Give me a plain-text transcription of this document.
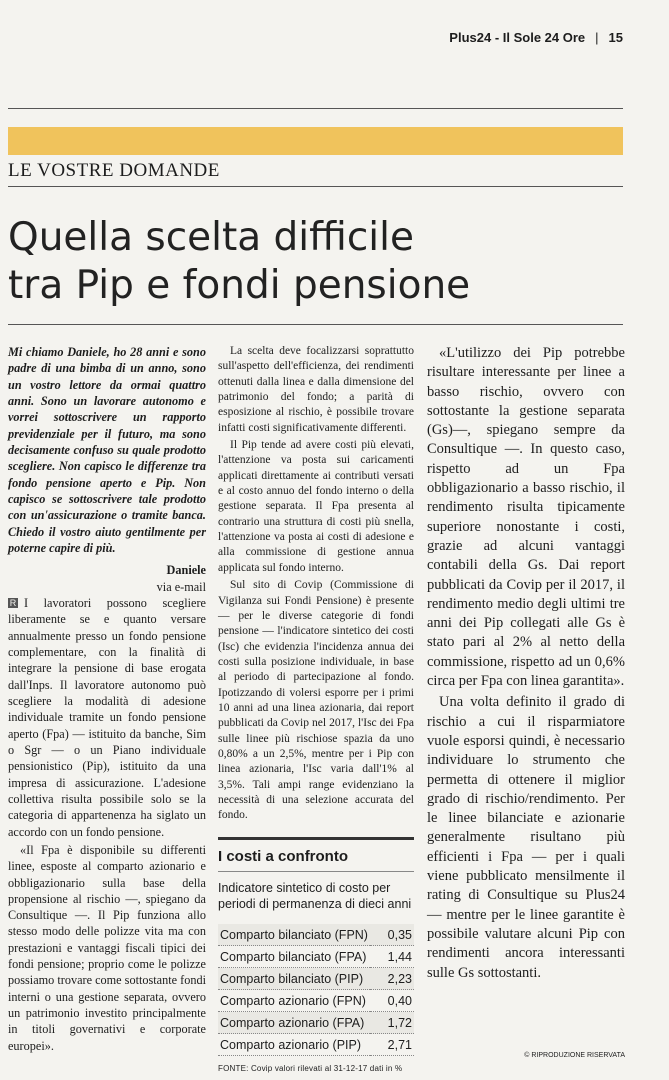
Plus24 - Il Sole 24 Ore | 15
LE VOSTRE DOMANDE
Quella scelta difficile
tra Pip e fondi pensione

Mi chiamo Daniele, ho 28 anni e sono padre di una bimba di un anno, sono un vostro lettore da ormai quattro anni. Sono un lavorare autonomo e vorrei sottoscrivere un rapporto previdenziale per il futuro, ma sono decisamente confuso su quale prodotto scegliere. Non capisco le differenze tra fondo pensione aperto e Pip. Non capisco se sottoscrivere tale prodotto con un'assicurazione o tramite banca. Chiedo il vostro aiuto gentilmente per poterne capire di più.

Daniele
via e-mail

R I lavoratori possono scegliere liberamente se e quanto versare annualmente presso un fondo pensione complementare, con la finalità di integrare la pensione di base erogata dall'Inps. Il lavoratore autonomo può scegliere la modalità di adesione individuale tramite un fondo pensione aperto (Fpa) — istituito da banche, Sim o Sgr — o un Piano individuale pensionistico (Pip), istituito da una impresa di assicurazione. L'adesione collettiva risulta possibile solo se la categoria di appartenenza ha siglato un accordo con un fondo pensione.

«Il Fpa è disponibile su differenti linee, esposte al comparto azionario e obbligazionario sulla base della propensione al rischio —, spiegano da Consultique —. Il Pip funziona allo stesso modo delle polizze vita ma con prestazioni e vantaggi fiscali tipici dei fondi pensione; proprio come le polizze possiamo trovare come sottostante fondi interni o una gestione separata, ovvero un patrimonio investito principalmente in titoli governativi e corporate europei».

La scelta deve focalizzarsi soprattutto sull'aspetto dell'efficienza, dei rendimenti ottenuti dalla linea e dalla dimensione del patrimonio del fondo; a parità di esposizione al rischio, è possibile trovare infatti costi significativamente differenti.

Il Pip tende ad avere costi più elevati, l'attenzione va posta sui caricamenti applicati direttamente ai contributi versati e al costo annuo del fondo interno o della gestione separata. Il Fpa presenta al contrario una struttura di costi più snella, l'attenzione va posta ai costi di adesione e alla commissione di gestione annua applicata sul fondo interno.

Sul sito di Covip (Commissione di Vigilanza sui Fondi Pensione) è presente — per le diverse categorie di fondi pensione — l'indicatore sintetico dei costi (Isc) che evidenzia l'incidenza annua dei costi sulla posizione individuale, in base al periodo di partecipazione al fondo. Ipotizzando di volersi esporre per i primi 10 anni ad una linea azionaria, dai report pubblicati da Covip nel 2017, l'Isc dei Fpa sulle linee più rischiose spazia da uno 0,80% a un 2,5%, mentre per i Pip con linea azionaria, l'Isc varia dall'1% al 3,5%. Tali ampi range evidenziano la necessità di una selezione accurata del fondo.

«L'utilizzo dei Pip potrebbe risultare interessante per linee a basso rischio, ovvero con sottostante la gestione separata (Gs)—, spiegano sempre da Consultique —. In questo caso, rispetto ad un Fpa obbligazionario a basso rischio, il rendimento risulta tipicamente superiore nonostante i costi, grazie ad alcuni vantaggi contabili della Gs. Dai report pubblicati da Covip per il 2017, il rendimento medio degli ultimi tre anni dei Pip collegati alle Gs è stato pari al 2% al netto della commissione, rispetto ad un 0,6% circa per Fpa con linea garantita».

Una volta definito il grado di rischio a cui il risparmiatore vuole esporsi quindi, è necessario individuare lo strumento che permetta di ottenere il miglior grado di rischio/rendimento. Per le linee bilanciate e azionarie generalmente risultano più efficienti i Fpa — per i quali viene pubblicato mensilmente il rating di Consultique su Plus24 — mentre per le linee garantite è possibile valutare alcuni Pip con rendimenti ancora interessanti sulle Gs sottostanti.

I costi a confronto
Indicatore sintetico di costo per periodi di permanenza di dieci anni
Comparto bilanciato (FPN)	0,35
Comparto bilanciato (FPA)	1,44
Comparto bilanciato (PIP)	2,23
Comparto azionario (FPN)	0,40
Comparto azionario (FPA)	1,72
Comparto azionario (PIP)	2,71
FONTE: Covip valori rilevati al 31-12-17 dati in %
© RIPRODUZIONE RISERVATA
